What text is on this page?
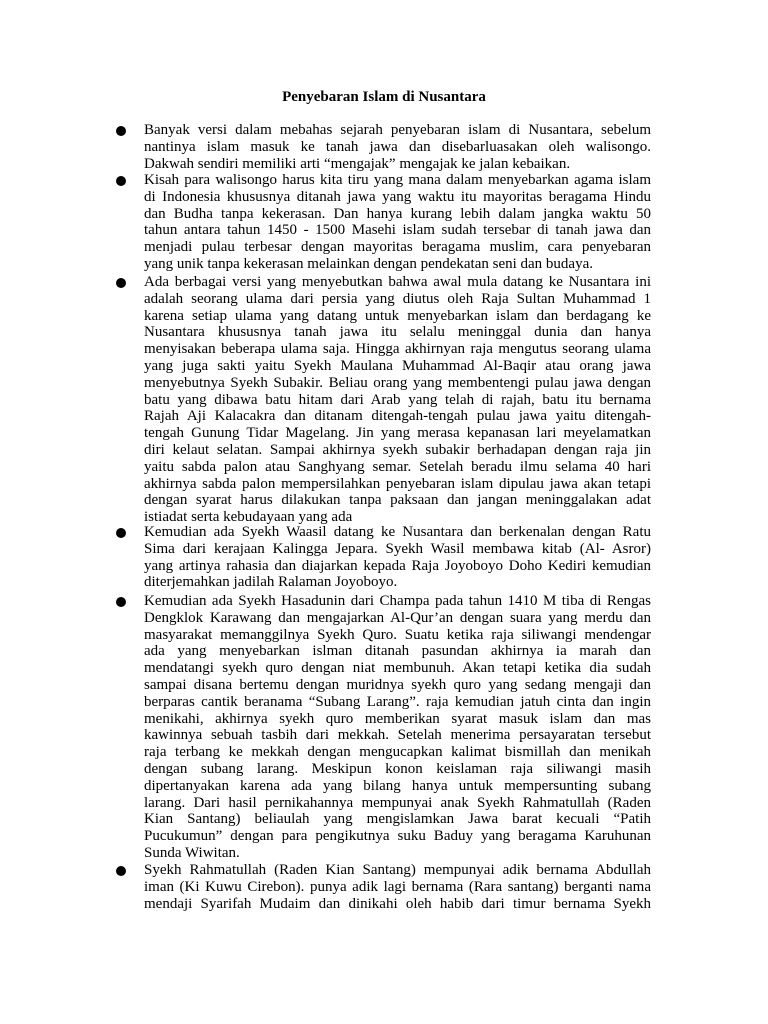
Penyebaran Islam di Nusantara
Banyak versi dalam mebahas sejarah penyebaran islam di Nusantara, sebelum
nantinya islam masuk ke tanah jawa dan disebarluasakan oleh walisongo.
Dakwah sendiri memiliki arti “mengajak” mengajak ke jalan kebaikan.
Kisah para walisongo harus kita tiru yang mana dalam menyebarkan agama islam
di Indonesia khususnya ditanah jawa yang waktu itu mayoritas beragama Hindu
dan Budha tanpa kekerasan. Dan hanya kurang lebih dalam jangka waktu 50
tahun antara tahun 1450 - 1500 Masehi islam sudah tersebar di tanah jawa dan
menjadi pulau terbesar dengan mayoritas beragama muslim, cara penyebaran
yang unik tanpa kekerasan melainkan dengan pendekatan seni dan budaya.
Ada berbagai versi yang menyebutkan bahwa awal mula datang ke Nusantara ini
adalah seorang ulama dari persia yang diutus oleh Raja Sultan Muhammad 1
karena setiap ulama yang datang untuk menyebarkan islam dan berdagang ke
Nusantara khususnya tanah jawa itu selalu meninggal dunia dan hanya
menyisakan beberapa ulama saja. Hingga akhirnyan raja mengutus seorang ulama
yang juga sakti yaitu Syekh Maulana Muhammad Al-Baqir atau orang jawa
menyebutnya Syekh Subakir. Beliau orang yang membentengi pulau jawa dengan
batu yang dibawa batu hitam dari Arab yang telah di rajah, batu itu bernama
Rajah Aji Kalacakra dan ditanam ditengah-tengah pulau jawa yaitu ditengah-
tengah Gunung Tidar Magelang. Jin yang merasa kepanasan lari meyelamatkan
diri kelaut selatan. Sampai akhirnya syekh subakir berhadapan dengan raja jin
yaitu sabda palon atau Sanghyang semar. Setelah beradu ilmu selama 40 hari
akhirnya sabda palon mempersilahkan penyebaran islam dipulau jawa akan tetapi
dengan syarat harus dilakukan tanpa paksaan dan jangan meninggalakan adat
istiadat serta kebudayaan yang ada
Kemudian ada Syekh Waasil datang ke Nusantara dan berkenalan dengan Ratu
Sima dari kerajaan Kalingga Jepara. Syekh Wasil membawa kitab (Al- Asror)
yang artinya rahasia dan diajarkan kepada Raja Joyoboyo Doho Kediri kemudian
diterjemahkan jadilah Ralaman Joyoboyo.
Kemudian ada Syekh Hasadunin dari Champa pada tahun 1410 M tiba di Rengas
Dengklok Karawang dan mengajarkan Al-Qur’an dengan suara yang merdu dan
masyarakat memanggilnya Syekh Quro. Suatu ketika raja siliwangi mendengar
ada yang menyebarkan islman ditanah pasundan akhirnya ia marah dan
mendatangi syekh quro dengan niat membunuh. Akan tetapi ketika dia sudah
sampai disana bertemu dengan muridnya syekh quro yang sedang mengaji dan
berparas cantik beranama “Subang Larang”. raja kemudian jatuh cinta dan ingin
menikahi, akhirnya syekh quro memberikan syarat masuk islam dan mas
kawinnya sebuah tasbih dari mekkah. Setelah menerima persayaratan tersebut
raja terbang ke mekkah dengan mengucapkan kalimat bismillah dan menikah
dengan subang larang. Meskipun konon keislaman raja siliwangi masih
dipertanyakan karena ada yang bilang hanya untuk mempersunting subang
larang. Dari hasil pernikahannya mempunyai anak Syekh Rahmatullah (Raden
Kian Santang) beliaulah yang mengislamkan Jawa barat kecuali “Patih
Pucukumun” dengan para pengikutnya suku Baduy yang beragama Karuhunan
Sunda Wiwitan.
Syekh Rahmatullah (Raden Kian Santang) mempunyai adik bernama Abdullah
iman (Ki Kuwu Cirebon). punya adik lagi bernama (Rara santang) berganti nama
mendaji Syarifah Mudaim dan dinikahi oleh habib dari timur bernama Syekh
